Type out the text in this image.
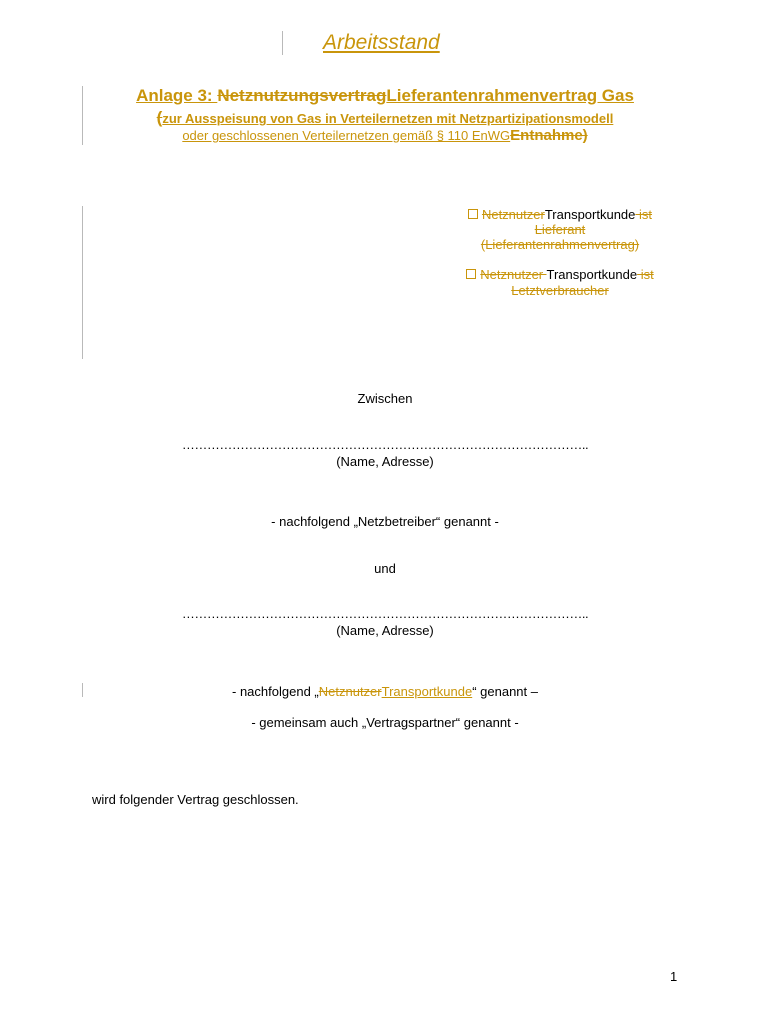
Arbeitsstand
Anlage 3: NetznutzungsvertragLieferantenrahmenvertrag Gas
(zur Ausspeisung von Gas in Verteilernetzen mit Netzpartizipationsmodell
oder geschlossenen Verteilernetzen gemäß § 110 EnWGEntnahme)
NetznutzerTransportkunde ist
Lieferant
(Lieferantenrahmenvertrag)
Netznutzer Transportkunde ist
Letztverbraucher
Zwischen
……………………………………………………………………………………..
(Name, Adresse)
- nachfolgend „Netzbetreiber“ genannt -
und
……………………………………………………………………………………..
(Name, Adresse)
- nachfolgend „NetznutzerTransportkunde“ genannt –
- gemeinsam auch „Vertragspartner“ genannt -
wird folgender Vertrag geschlossen.
1
